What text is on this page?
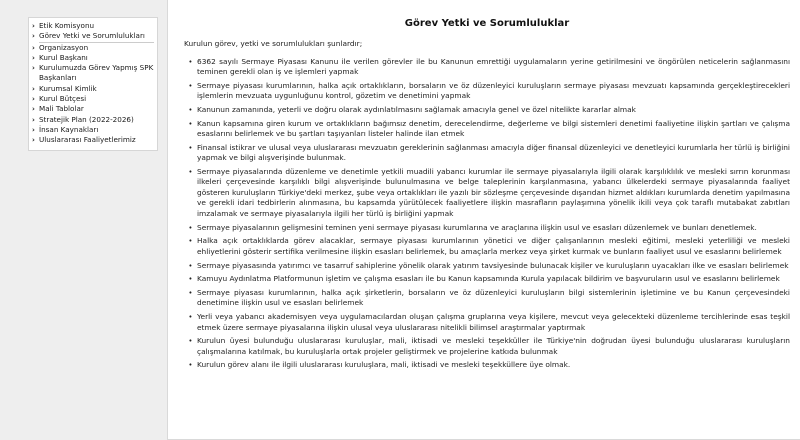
› Etik Komisyonu
› Görev Yetki ve Sorumlulukları
› Organizasyon
› Kurul Başkanı
› Kurulumuzda Görev Yapmış SPK Başkanları
› Kurumsal Kimlik
› Kurul Bütçesi
› Mali Tablolar
› Stratejik Plan (2022-2026)
› İnsan Kaynakları
› Uluslararası Faaliyetlerimiz
Görev Yetki ve Sorumluluklar

Kurulun görev, yetki ve sorumlulukları şunlardır;

• 6362 sayılı Sermaye Piyasası Kanunu ile verilen görevler ile bu Kanunun emrettiği uygulamaların yerine getirilmesini ve öngörülen neticelerin sağlanmasını teminen gerekli olan iş ve işlemleri yapmak
• Sermaye piyasası kurumlarının, halka açık ortaklıkların, borsaların ve öz düzenleyici kuruluşların sermaye piyasası mevzuatı kapsamında gerçekleştirecekleri işlemlerin mevzuata uygunluğunu kontrol, gözetim ve denetimini yapmak
• Kanunun zamanında, yeterli ve doğru olarak aydınlatılmasını sağlamak amacıyla genel ve özel nitelikte kararlar almak
• Kanun kapsamına giren kurum ve ortaklıkların bağımsız denetim, derecelendirme, değerleme ve bilgi sistemleri denetimi faaliyetine ilişkin şartları ve çalışma esaslarını belirlemek ve bu şartları taşıyanları listeler halinde ilan etmek
• Finansal istikrar ve ulusal veya uluslararası mevzuatın gereklerinin sağlanması amacıyla diğer finansal düzenleyici ve denetleyici kurumlarla her türlü iş birliğini yapmak ve bilgi alışverişinde bulunmak.
• Sermaye piyasalarında düzenleme ve denetimle yetkili muadili yabancı kurumlar ile sermaye piyasalarıyla ilgili olarak karşılıklılık ve mesleki sırrın korunması ilkeleri çerçevesinde karşılıklı bilgi alışverişinde bulunulmasına ve belge taleplerinin karşılanmasına, yabancı ülkelerdeki sermaye piyasalarında faaliyet gösteren kuruluşların Türkiye'deki merkez, şube veya ortaklıkları ile yazılı bir sözleşme çerçevesinde dışarıdan hizmet aldıkları kurumlarda denetim yapılmasına ve gerekli idari tedbirlerin alınmasına, bu kapsamda yürütülecek faaliyetlere ilişkin masrafların paylaşımına yönelik ikili veya çok taraflı mutabakat zabıtları imzalamak ve sermaye piyasalarıyla ilgili her türlü iş birliğini yapmak
• Sermaye piyasalarının gelişmesini teminen yeni sermaye piyasası kurumlarına ve araçlarına ilişkin usul ve esasları düzenlemek ve bunları denetlemek.
• Halka açık ortaklıklarda görev alacaklar, sermaye piyasası kurumlarının yönetici ve diğer çalışanlarının mesleki eğitimi, mesleki yeterliliği ve mesleki ehliyetlerini gösterir sertifika verilmesine ilişkin esasları belirlemek, bu amaçlarla merkez veya şirket kurmak ve bunların faaliyet usul ve esaslarını belirlemek
• Sermaye piyasasında yatırımcı ve tasarruf sahiplerine yönelik olarak yatırım tavsiyesinde bulunacak kişiler ve kuruluşların uyacakları ilke ve esasları belirlemek
• Kamuyu Aydınlatma Platformunun işletim ve çalışma esasları ile bu Kanun kapsamında Kurula yapılacak bildirim ve başvuruların usul ve esaslarını belirlemek
• Sermaye piyasası kurumlarının, halka açık şirketlerin, borsaların ve öz düzenleyici kuruluşların bilgi sistemlerinin işletimine ve bu Kanun çerçevesindeki denetimine ilişkin usul ve esasları belirlemek
• Yerli veya yabancı akademisyen veya uygulamacılardan oluşan çalışma gruplarına veya kişilere, mevcut veya gelecekteki düzenleme tercihlerinde esas teşkil etmek üzere sermaye piyasalarına ilişkin ulusal veya uluslararası nitelikli bilimsel araştırmalar yaptırmak
• Kurulun üyesi bulunduğu uluslararası kuruluşlar, mali, iktisadi ve mesleki teşekküller ile Türkiye'nin doğrudan üyesi bulunduğu uluslararası kuruluşların çalışmalarına katılmak, bu kuruluşlarla ortak projeler geliştirmek ve projelerine katkıda bulunmak
• Kurulun görev alanı ile ilgili uluslararası kuruluşlara, mali, iktisadi ve mesleki teşekküllere üye olmak.
